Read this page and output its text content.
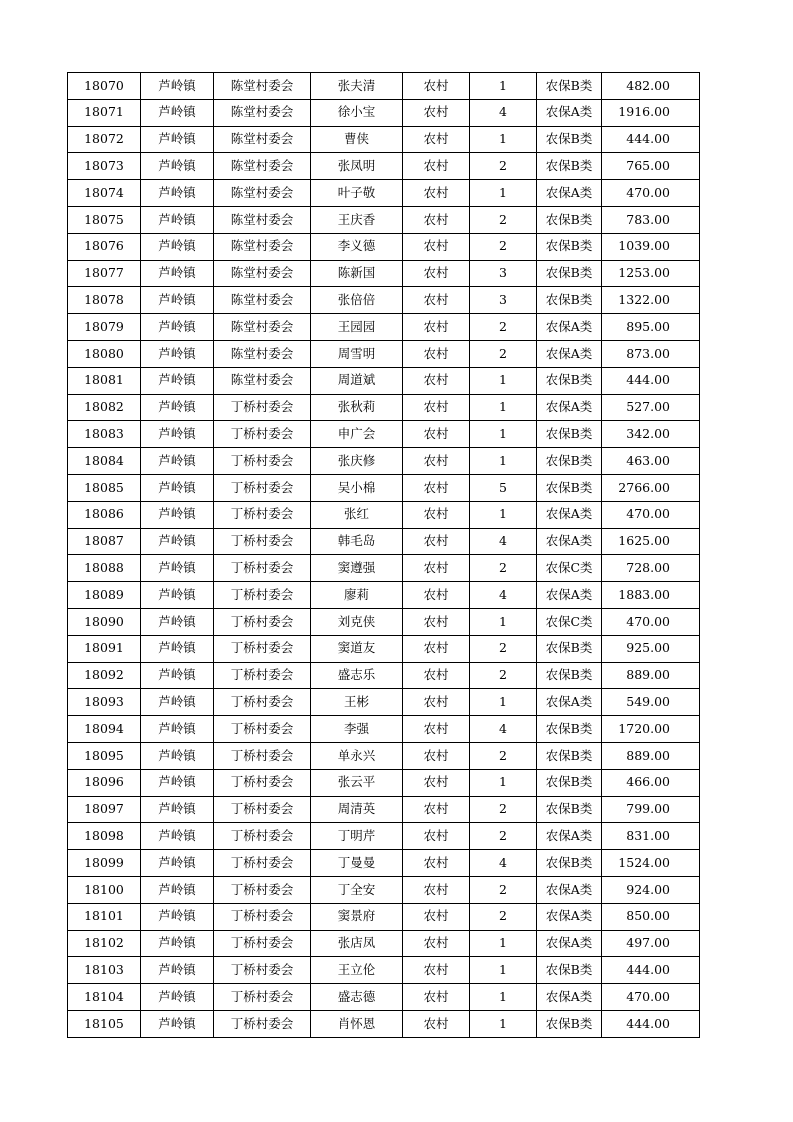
18070	芦岭镇	陈堂村委会	张夫清	农村	1	农保B类	482.00
18071	芦岭镇	陈堂村委会	徐小宝	农村	4	农保A类	1916.00
18072	芦岭镇	陈堂村委会	曹侠	农村	1	农保B类	444.00
18073	芦岭镇	陈堂村委会	张凤明	农村	2	农保B类	765.00
18074	芦岭镇	陈堂村委会	叶子敬	农村	1	农保A类	470.00
18075	芦岭镇	陈堂村委会	王庆香	农村	2	农保B类	783.00
18076	芦岭镇	陈堂村委会	李义德	农村	2	农保B类	1039.00
18077	芦岭镇	陈堂村委会	陈新国	农村	3	农保B类	1253.00
18078	芦岭镇	陈堂村委会	张倍倍	农村	3	农保B类	1322.00
18079	芦岭镇	陈堂村委会	王园园	农村	2	农保A类	895.00
18080	芦岭镇	陈堂村委会	周雪明	农村	2	农保A类	873.00
18081	芦岭镇	陈堂村委会	周道斌	农村	1	农保B类	444.00
18082	芦岭镇	丁桥村委会	张秋莉	农村	1	农保A类	527.00
18083	芦岭镇	丁桥村委会	申广会	农村	1	农保B类	342.00
18084	芦岭镇	丁桥村委会	张庆修	农村	1	农保B类	463.00
18085	芦岭镇	丁桥村委会	吴小棉	农村	5	农保B类	2766.00
18086	芦岭镇	丁桥村委会	张红	农村	1	农保A类	470.00
18087	芦岭镇	丁桥村委会	韩毛岛	农村	4	农保A类	1625.00
18088	芦岭镇	丁桥村委会	窦遵强	农村	2	农保C类	728.00
18089	芦岭镇	丁桥村委会	廖莉	农村	4	农保A类	1883.00
18090	芦岭镇	丁桥村委会	刘克侠	农村	1	农保C类	470.00
18091	芦岭镇	丁桥村委会	窦道友	农村	2	农保B类	925.00
18092	芦岭镇	丁桥村委会	盛志乐	农村	2	农保B类	889.00
18093	芦岭镇	丁桥村委会	王彬	农村	1	农保A类	549.00
18094	芦岭镇	丁桥村委会	李强	农村	4	农保B类	1720.00
18095	芦岭镇	丁桥村委会	单永兴	农村	2	农保B类	889.00
18096	芦岭镇	丁桥村委会	张云平	农村	1	农保B类	466.00
18097	芦岭镇	丁桥村委会	周清英	农村	2	农保B类	799.00
18098	芦岭镇	丁桥村委会	丁明芹	农村	2	农保A类	831.00
18099	芦岭镇	丁桥村委会	丁曼曼	农村	4	农保B类	1524.00
18100	芦岭镇	丁桥村委会	丁全安	农村	2	农保A类	924.00
18101	芦岭镇	丁桥村委会	窦景府	农村	2	农保A类	850.00
18102	芦岭镇	丁桥村委会	张店凤	农村	1	农保A类	497.00
18103	芦岭镇	丁桥村委会	王立伦	农村	1	农保B类	444.00
18104	芦岭镇	丁桥村委会	盛志德	农村	1	农保A类	470.00
18105	芦岭镇	丁桥村委会	肖怀恩	农村	1	农保B类	444.00
